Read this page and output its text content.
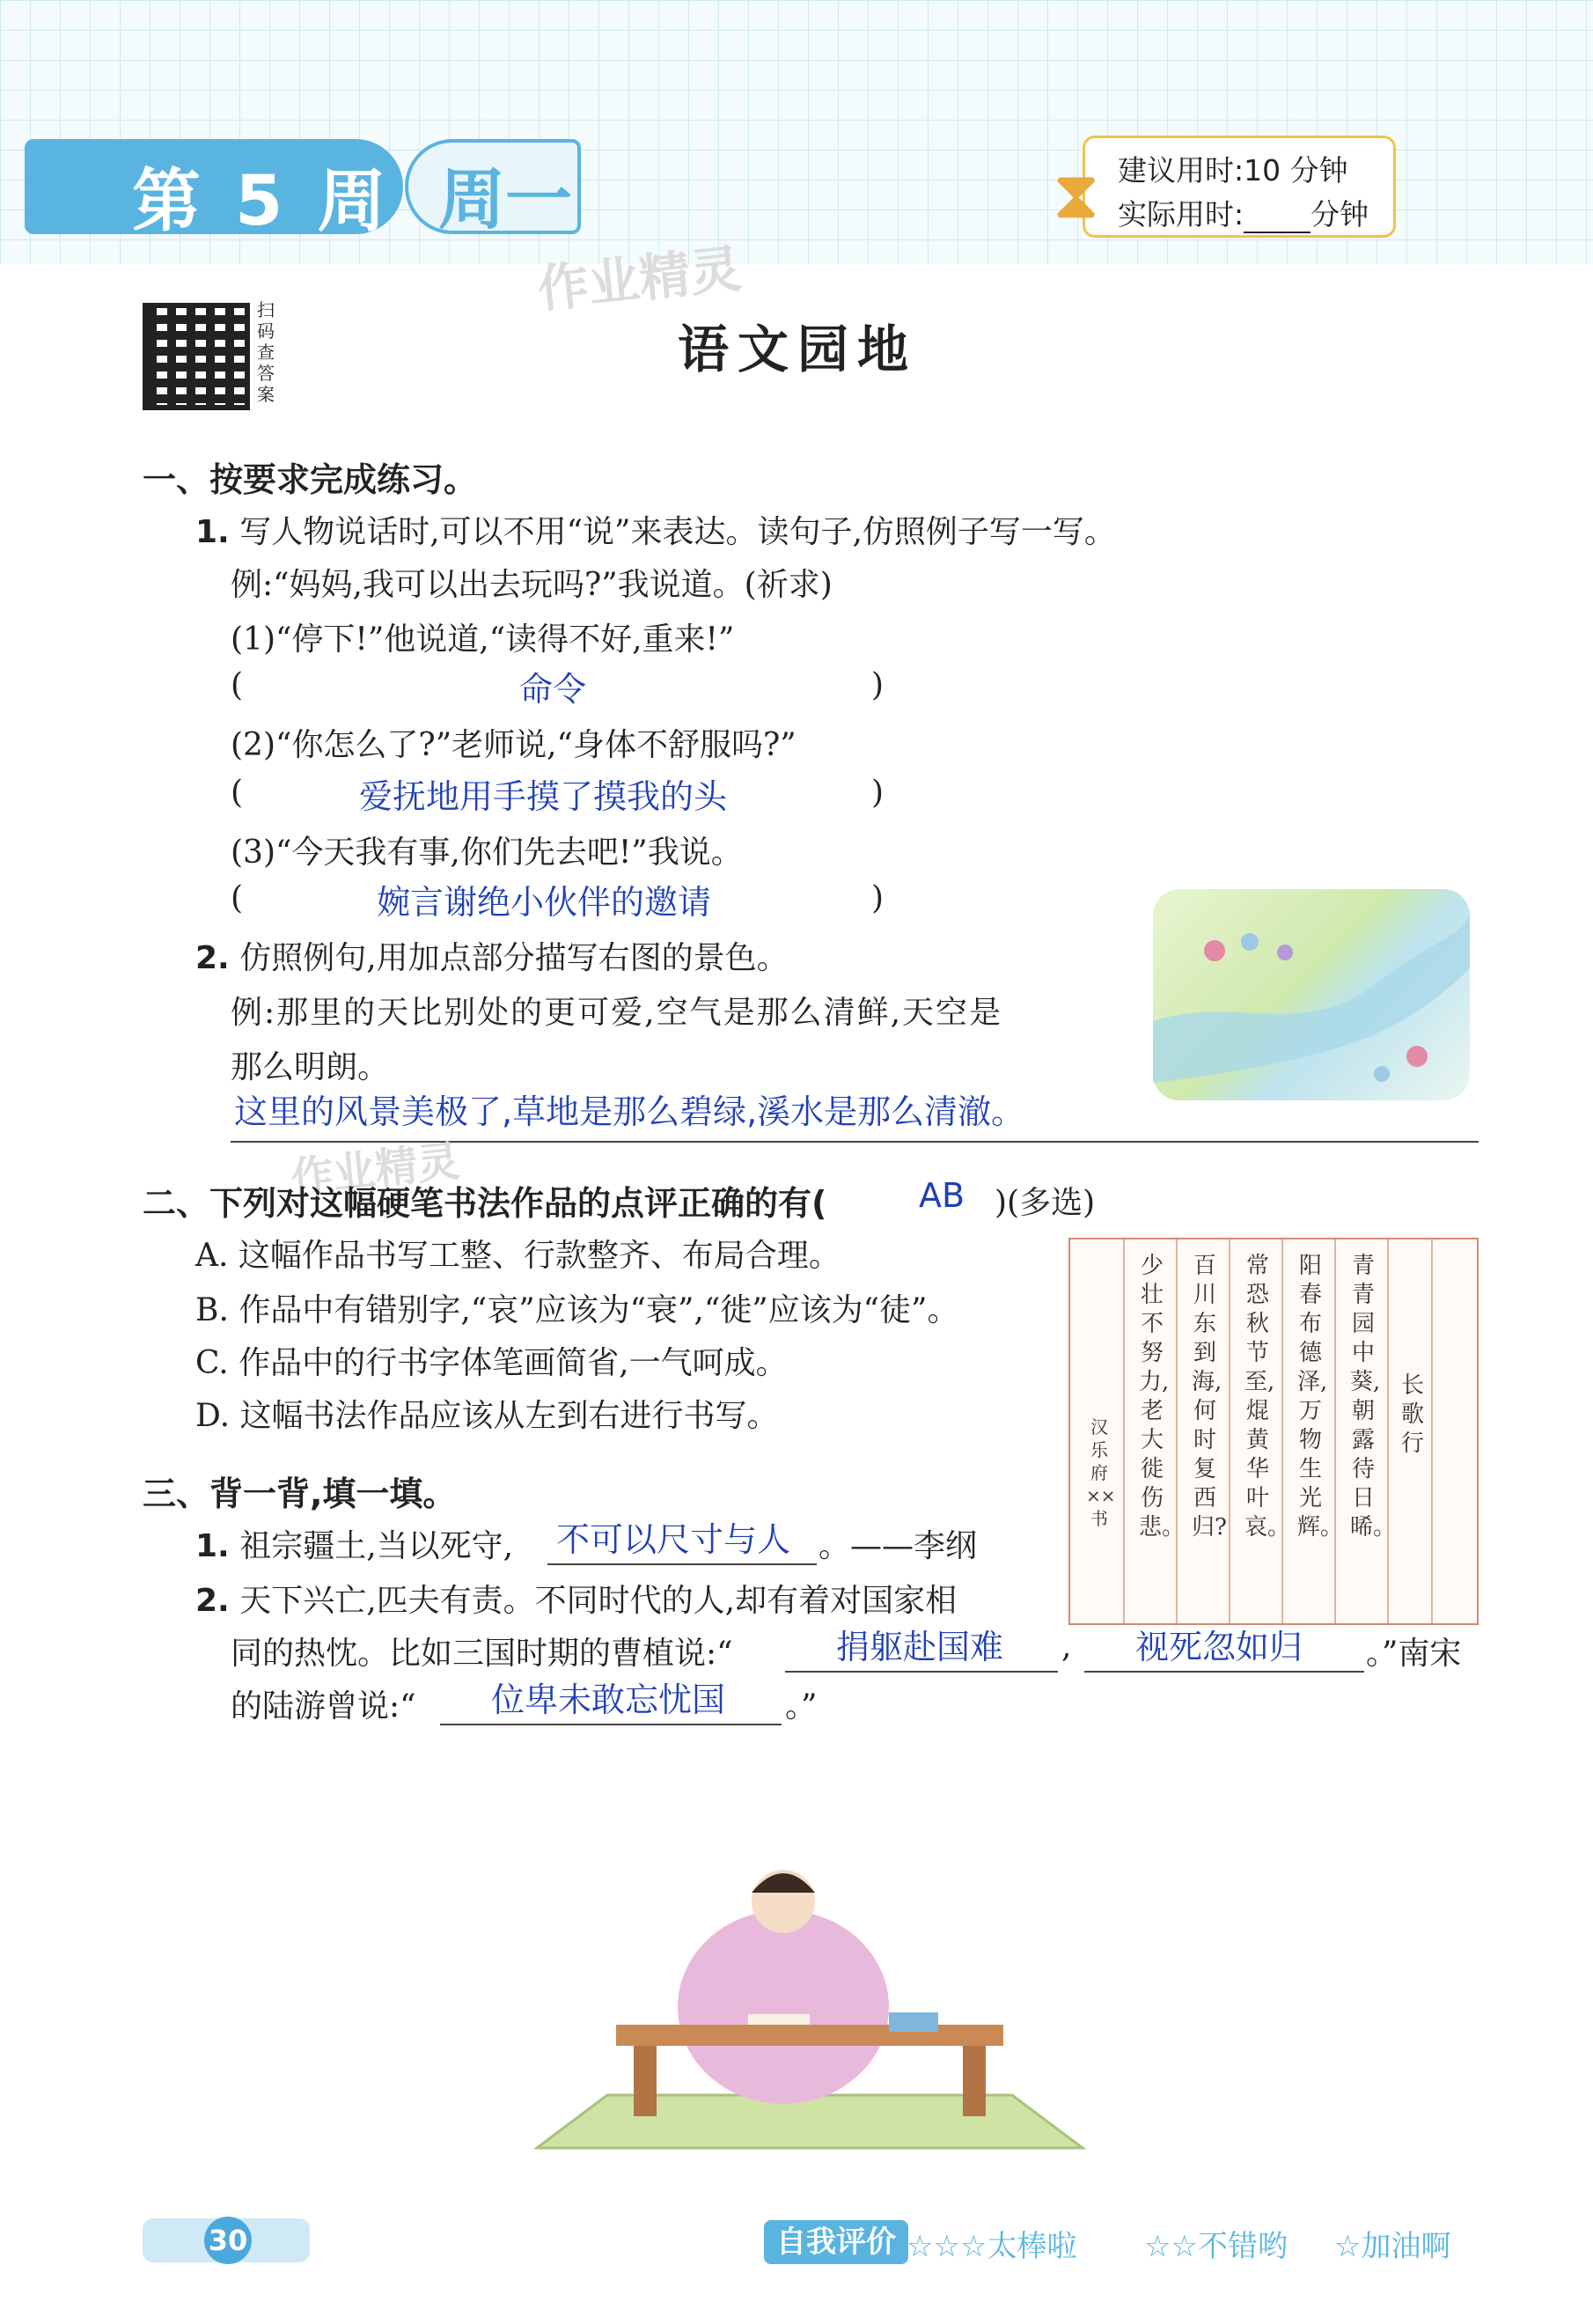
第 5 周 周一	⧗ 建议用时:10 分钟
实际用时: 分钟
作业精灵
扫码查答案
语文园地
一、按要求完成练习。
1. 写人物说话时,可以不用“说”来表达。读句子,仿照例子写一写。
例:“妈妈,我可以出去玩吗?”我说道。(祈求)
(1)“停下!”他说道,“读得不好,重来!”
(	命令	)
(2)“你怎么了?”老师说,“身体不舒服吗?”
(	爱抚地用手摸了摸我的头	)
(3)“今天我有事,你们先去吧!”我说。
(	婉言谢绝小伙伴的邀请	)
2. 仿照例句,用加点部分描写右图的景色。
例:那里的天比别处的更可爱,空气是那么清鲜,天空是
那么明朗。
这里的风景美极了,草地是那么碧绿,溪水是那么清澈。
作业精灵
二、下列对这幅硬笔书法作品的点评正确的有(	AB )(多选)
A. 这幅作品书写工整、行款整齐、布局合理。
B. 作品中有错别字,“哀”应该为“衰”,“徙”应该为“徒”。
C. 作品中的行书字体笔画简省,一气呵成。
D. 这幅书法作品应该从左到右进行书写。
长歌行
青青园中葵,朝露待日晞。
阳春布德泽,万物生光辉。
常恐秋节至,焜黄华叶哀。
百川东到海,何时复西归?
少壮不努力,老大徙伤悲。
汉乐府 ××书
三、背一背,填一填。
1. 祖宗疆土,当以死守, 不可以尺寸与人 。——李纲
2. 天下兴亡,匹夫有责。不同时代的人,却有着对国家相
同的热忱。比如三国时期的曹植说:“	捐躯赴国难 , 视死忽如归 。”南宋
的陆游曾说:“ 位卑未敢忘忧国 。”
30	自我评价 ☆☆☆太棒啦 ☆☆不错哟 ☆加油啊
